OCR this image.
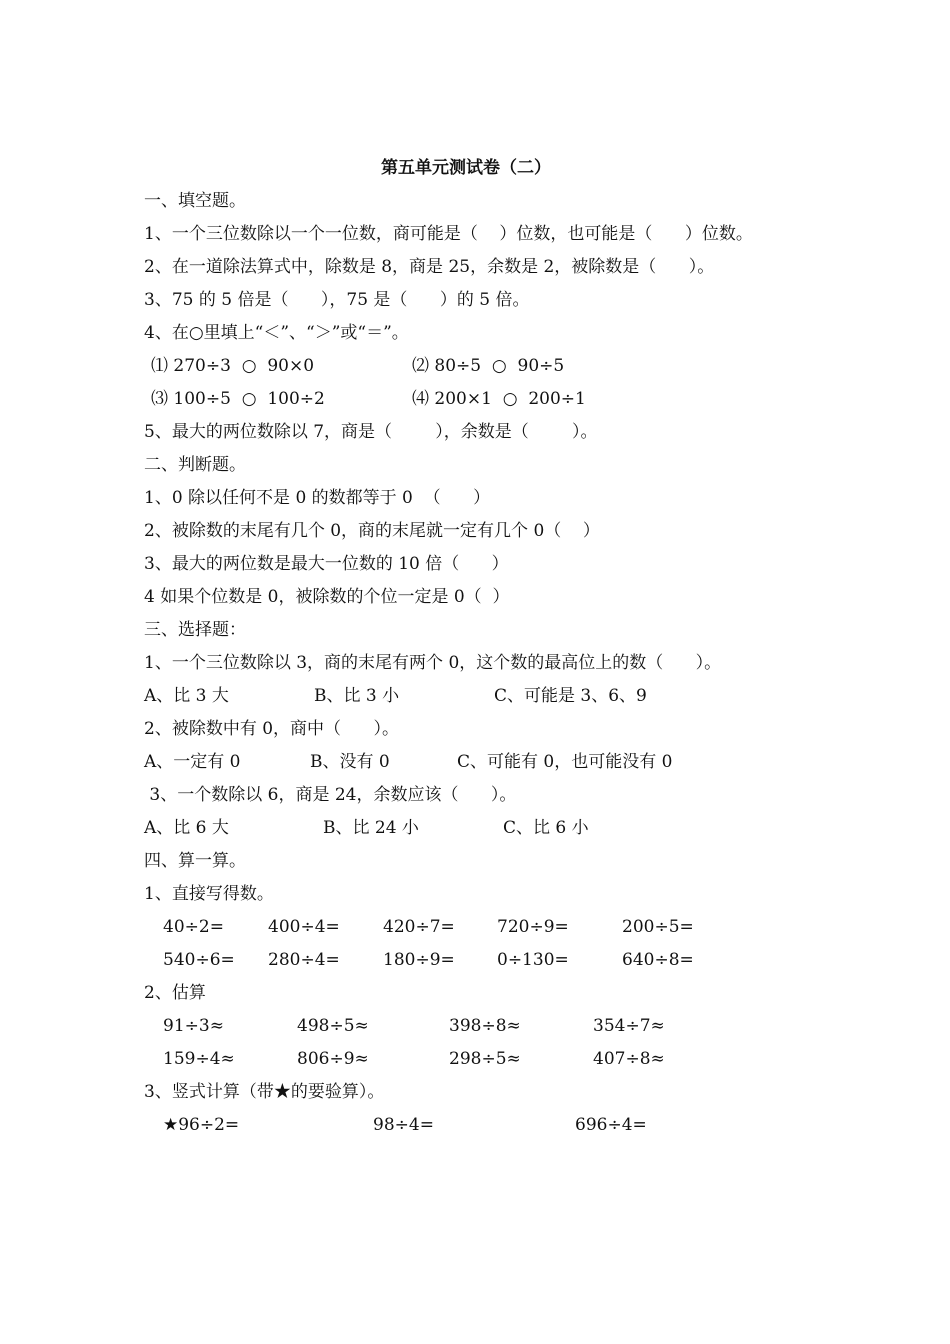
第五单元测试卷（二）
一、填空题。
1、一个三位数除以一个一位数，商可能是（    ）位数，也可能是（      ）位数。
2、在一道除法算式中，除数是 8，商是 25，余数是 2，被除数是（      ）。
3、75 的 5 倍是（      ），75 是（      ）的 5 倍。
4、在○里填上“＜”、“＞”或“＝”。
⑴ 270÷3  ○  90×0	⑵ 80÷5  ○  90÷5
⑶ 100÷5  ○  100÷2	⑷ 200×1  ○  200÷1
5、最大的两位数除以 7，商是（        ），余数是（        ）。
二、判断题。
1、0 除以任何不是 0 的数都等于 0  （      ）
2、被除数的末尾有几个 0，商的末尾就一定有几个 0（    ）
3、最大的两位数是最大一位数的 10 倍（      ）
4 如果个位数是 0，被除数的个位一定是 0（  ）
三、选择题：
1、一个三位数除以 3，商的末尾有两个 0，这个数的最高位上的数（      ）。
A、比 3 大	B、比 3 小	C、可能是 3、6、9
2、被除数中有 0，商中（      ）。
A、一定有 0	B、没有 0	C、可能有 0，也可能没有 0
3、一个数除以 6，商是 24，余数应该（      ）。
A、比 6 大	B、比 24 小	C、比 6 小
四、算一算。
1、直接写得数。
40÷2=	400÷4=	420÷7= 720÷9=	200÷5=
540÷6= 280÷4=	180÷9= 0÷130=	640÷8=
2、估算
91÷3≈	498÷5≈	398÷8≈	354÷7≈
159÷4≈	806÷9≈	298÷5≈	407÷8≈
3、竖式计算（带★的要验算）。
★96÷2=	98÷4=	696÷4=
